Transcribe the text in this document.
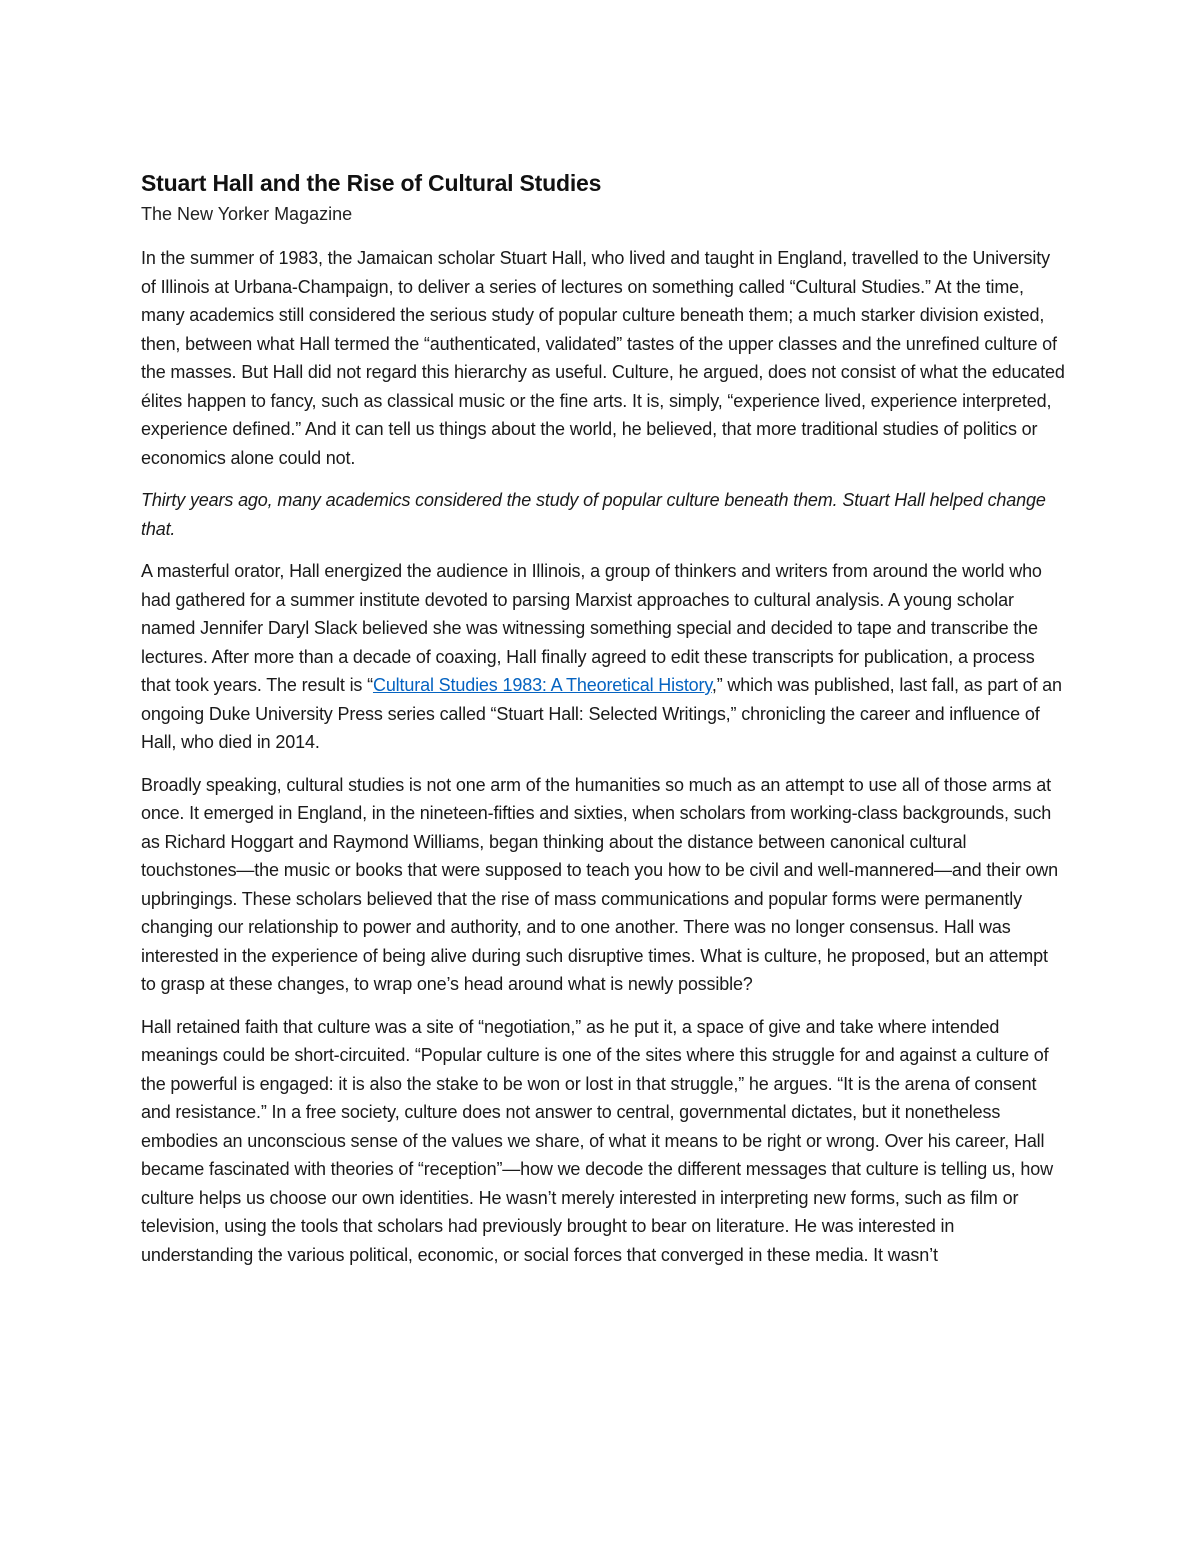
Stuart Hall and the Rise of Cultural Studies

The New Yorker Magazine

In the summer of 1983, the Jamaican scholar Stuart Hall, who lived and taught in England, travelled to the University of Illinois at Urbana-Champaign, to deliver a series of lectures on something called “Cultural Studies.” At the time, many academics still considered the serious study of popular culture beneath them; a much starker division existed, then, between what Hall termed the “authenticated, validated” tastes of the upper classes and the unrefined culture of the masses. But Hall did not regard this hierarchy as useful. Culture, he argued, does not consist of what the educated élites happen to fancy, such as classical music or the fine arts. It is, simply, “experience lived, experience interpreted, experience defined.” And it can tell us things about the world, he believed, that more traditional studies of politics or economics alone could not.

Thirty years ago, many academics considered the study of popular culture beneath them. Stuart Hall helped change that.

A masterful orator, Hall energized the audience in Illinois, a group of thinkers and writers from around the world who had gathered for a summer institute devoted to parsing Marxist approaches to cultural analysis. A young scholar named Jennifer Daryl Slack believed she was witnessing something special and decided to tape and transcribe the lectures. After more than a decade of coaxing, Hall finally agreed to edit these transcripts for publication, a process that took years. The result is “Cultural Studies 1983: A Theoretical History,” which was published, last fall, as part of an ongoing Duke University Press series called “Stuart Hall: Selected Writings,” chronicling the career and influence of Hall, who died in 2014.

Broadly speaking, cultural studies is not one arm of the humanities so much as an attempt to use all of those arms at once. It emerged in England, in the nineteen-fifties and sixties, when scholars from working-class backgrounds, such as Richard Hoggart and Raymond Williams, began thinking about the distance between canonical cultural touchstones—the music or books that were supposed to teach you how to be civil and well-mannered—and their own upbringings. These scholars believed that the rise of mass communications and popular forms were permanently changing our relationship to power and authority, and to one another. There was no longer consensus. Hall was interested in the experience of being alive during such disruptive times. What is culture, he proposed, but an attempt to grasp at these changes, to wrap one’s head around what is newly possible?

Hall retained faith that culture was a site of “negotiation,” as he put it, a space of give and take where intended meanings could be short-circuited. “Popular culture is one of the sites where this struggle for and against a culture of the powerful is engaged: it is also the stake to be won or lost in that struggle,” he argues. “It is the arena of consent and resistance.” In a free society, culture does not answer to central, governmental dictates, but it nonetheless embodies an unconscious sense of the values we share, of what it means to be right or wrong. Over his career, Hall became fascinated with theories of “reception”—how we decode the different messages that culture is telling us, how culture helps us choose our own identities. He wasn’t merely interested in interpreting new forms, such as film or television, using the tools that scholars had previously brought to bear on literature. He was interested in understanding the various political, economic, or social forces that converged in these media. It wasn’t
